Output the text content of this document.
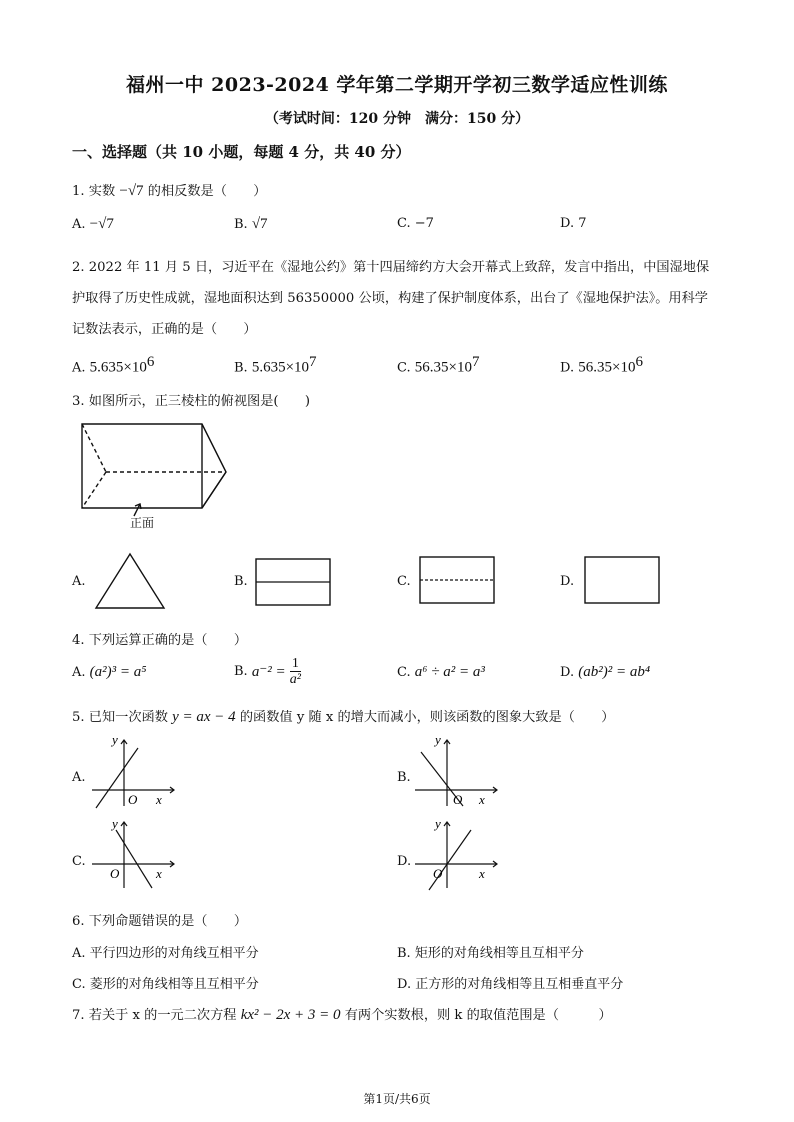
福州一中 2023-2024 学年第二学期开学初三数学适应性训练
（考试时间：120 分钟　满分：150 分）
一、选择题（共 10 小题，每题 4 分，共 40 分）
1. 实数 −√7 的相反数是（　　）
A. −√7	B. √7	C. −7	D. 7
2. 2022 年 11 月 5 日，习近平在《湿地公约》第十四届缔约方大会开幕式上致辞，发言中指出，中国湿地保
护取得了历史性成就，湿地面积达到 56350000 公顷，构建了保护制度体系，出台了《湿地保护法》。用科学
记数法表示，正确的是（　　）
A. $5.635\times 10^6$	B. $5.635\times 10^7$	C. $56.35\times 10^7$	D. $56.35\times 10^6$
3. 如图所示，正三棱柱的俯视图是(　　)
正面
A.	B.	C.	D.
4. 下列运算正确的是（　　）
A. (a²)³ = a⁵	B. $a^{-2} = \frac{1}{\text{a²}}$	C. a⁶ ÷ a² = a³	D. (ab²)² = ab⁴
5. 已知一次函数 y = ax − 4 的函数值 y 随 x 的增大而减小，则该函数的图象大致是（　　）
A.
y
O x
B.
y
O x
C.
y
O	x
D.
y
O	x
6. 下列命题错误的是（　　）
A. 平行四边形的对角线互相平分	B. 矩形的对角线相等且互相平分
C. 菱形的对角线相等且互相平分	D. 正方形的对角线相等且互相垂直平分
7. 若关于 x 的一元二次方程 kx² − 2x + 3 = 0 有两个实数根，则 k 的取值范围是（　　　）
第1页/共6页
